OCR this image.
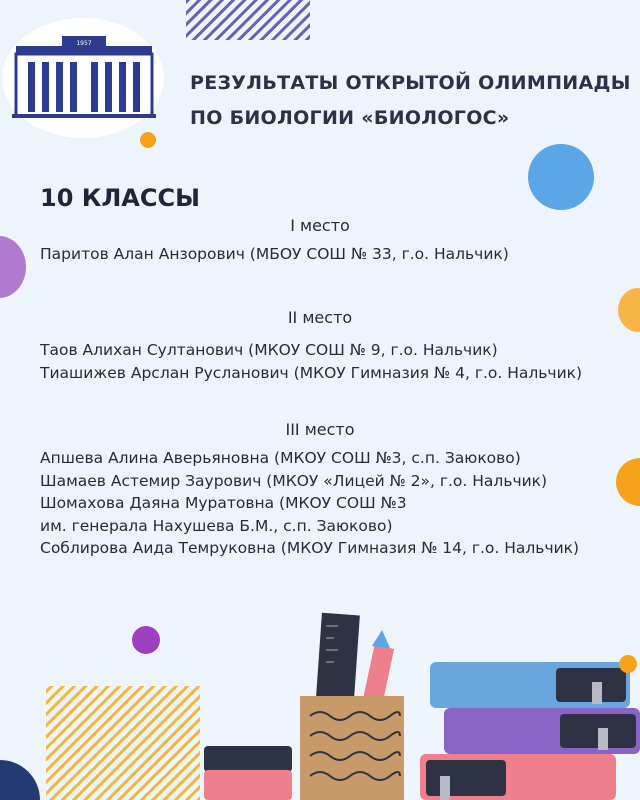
1957
РЕЗУЛЬТАТЫ ОТКРЫТОЙ ОЛИМПИАДЫ
ПО БИОЛОГИИ «БИОЛОГОС»
10 КЛАССЫ
I место
Паритов Алан Анзорович (МБОУ СОШ № 33, г.о. Нальчик)
II место
Таов Алихан Султанович (МКОУ СОШ № 9, г.о. Нальчик)
Тиашижев Арслан Русланович (МКОУ Гимназия № 4, г.о. Нальчик)
III место
Апшева Алина Аверьяновна (МКОУ СОШ №3, с.п. Заюково)
Шамаев Астемир Заурович (МКОУ «Лицей № 2», г.о. Нальчик)
Шомахова Даяна Муратовна (МКОУ СОШ №3
им. генерала Нахушева Б.М., с.п. Заюково)
Соблирова Аида Темруковна (МКОУ Гимназия № 14, г.о. Нальчик)
